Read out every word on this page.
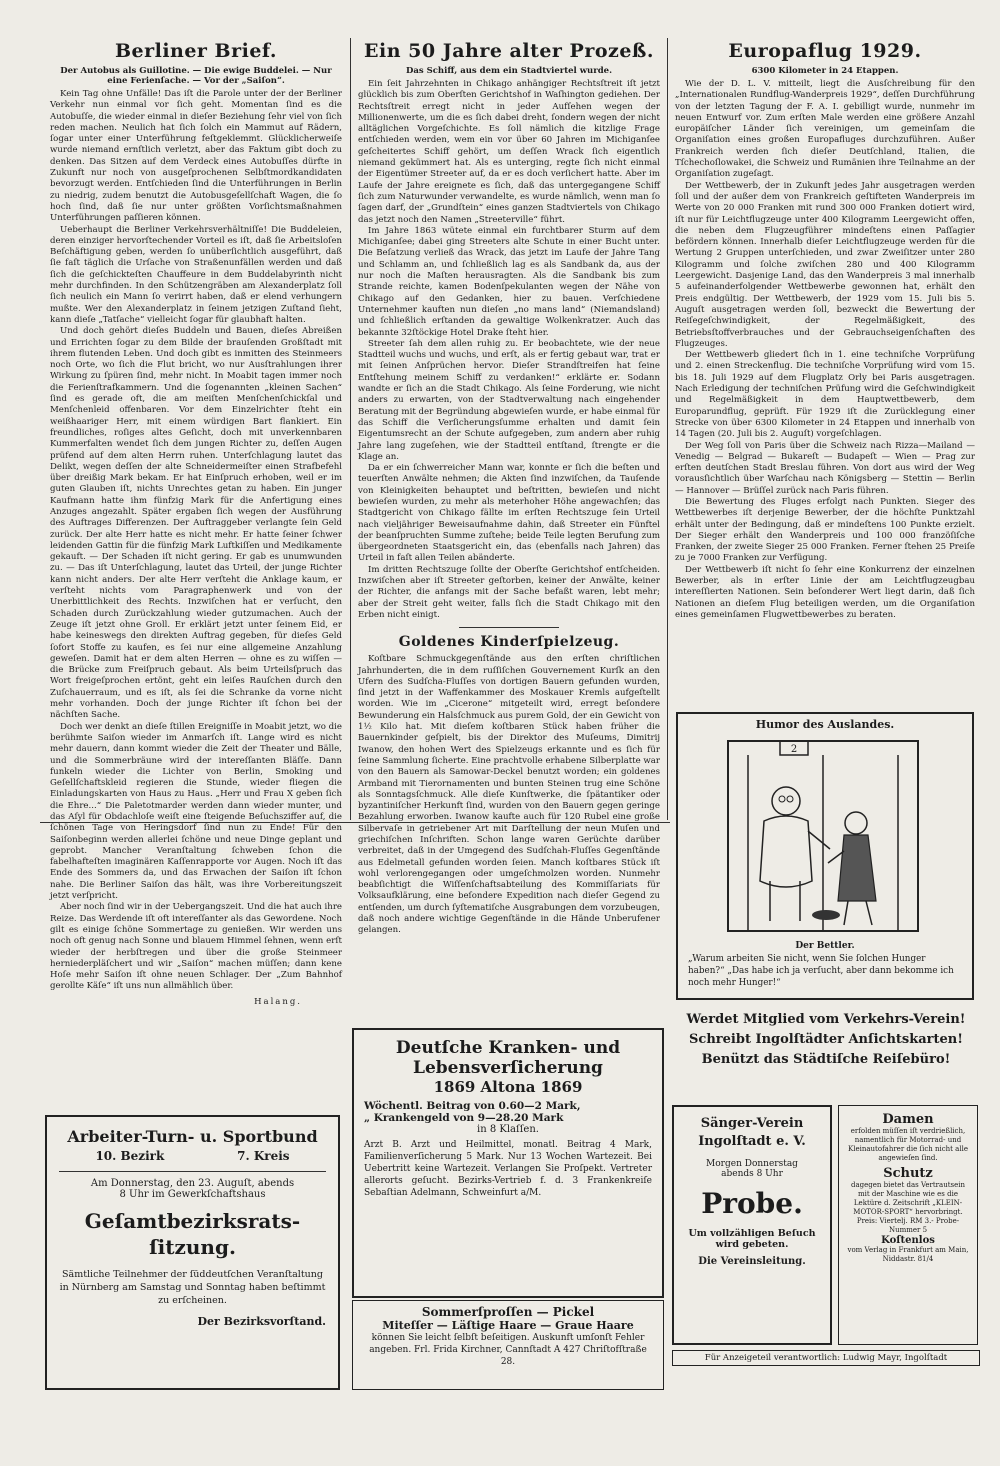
Berliner Brief.

Der Autobus als Guillotine. — Die ewige Buddelei. — Nur eine Ferienſache. — Vor der „Saiſon“.

Kein Tag ohne Unfälle! Das iſt die Parole unter der der Berliner Verkehr nun einmal vor ſich geht. Momentan ſind es die Autobuſſe, die wieder einmal in dieſer Beziehung ſehr viel von ſich reden machen. Neulich hat ſich ſolch ein Mammut auf Rädern, ſogar unter einer Unterführung feſtgeklemmt. Glücklicherweiſe wurde niemand ernſtlich verletzt, aber das Faktum gibt doch zu denken. Das Sitzen auf dem Verdeck eines Autobuſſes dürfte in Zukunft nur noch von ausgeſprochenen Selbſtmordkandidaten bevorzugt werden. Entſchieden ſind die Unterführungen in Berlin zu niedrig, zudem benutzt die Autobusgeſellſchaft Wagen, die ſo hoch ſind, daß ſie nur unter größten Vorſichtsmaßnahmen Unterführungen paſſieren können.

Ueberhaupt die Berliner Verkehrsverhältniſſe! Die Buddeleien, deren einziger hervorſtechender Vorteil es iſt, daß ſie Arbeitsloſen Beſchäftigung geben, werden ſo unüberſichtlich ausgeführt, daß ſie faſt täglich die Urſache von Straßenunfällen werden und daß ſich die geſchickteſten Chauffeure in dem Buddelabyrinth nicht mehr durchfinden. In den Schützengräben am Alexanderplatz ſoll ſich neulich ein Mann ſo verirrt haben, daß er elend verhungern mußte. Wer den Alexanderplatz in ſeinem jetzigen Zuſtand ſieht, kann dieſe „Tatſache“ vielleicht ſogar für glaubhaft halten.

Und doch gehört dieſes Buddeln und Bauen, dieſes Abreißen und Errichten ſogar zu dem Bilde der brauſenden Großſtadt mit ihrem flutenden Leben. Und doch gibt es inmitten des Steinmeers noch Orte, wo ſich die Flut bricht, wo nur Ausſtrahlungen ihrer Wirkung zu ſpüren ſind, mehr nicht. In Moabit tagen immer noch die Ferienſtrafkammern. Und die ſogenannten „kleinen Sachen“ ſind es gerade oft, die am meiſten Menſchenſchickſal und Menſchenleid offenbaren. Vor dem Einzelrichter ſteht ein weißhaariger Herr, mit einem würdigen Bart flankiert. Ein freundliches, roſiges altes Geſicht, doch mit unverkennbaren Kummerfalten wendet ſich dem jungen Richter zu, deſſen Augen prüfend auf dem alten Herrn ruhen. Unterſchlagung lautet das Delikt, wegen deſſen der alte Schneidermeiſter einen Strafbefehl über dreißig Mark bekam. Er hat Einſpruch erhoben, weil er im guten Glauben iſt, nichts Unrechtes getan zu haben. Ein junger Kaufmann hatte ihm fünfzig Mark für die Anfertigung eines Anzuges angezahlt. Später ergaben ſich wegen der Ausführung des Auftrages Differenzen. Der Auftraggeber verlangte ſein Geld zurück. Der alte Herr hatte es nicht mehr. Er hatte ſeiner ſchwer leidenden Gattin für die fünfzig Mark Luftkiſſen und Medikamente gekauft. — Der Schaden iſt nicht gering. Er gab es unumwunden zu. — Das iſt Unterſchlagung, lautet das Urteil, der junge Richter kann nicht anders. Der alte Herr verſteht die Anklage kaum, er verſteht nichts vom Paragraphenwerk und von der Unerbittlichkeit des Rechts. Inzwiſchen hat er verſucht, den Schaden durch Zurückzahlung wieder gutzumachen. Auch der Zeuge iſt jetzt ohne Groll. Er erklärt jetzt unter ſeinem Eid, er habe keineswegs den direkten Auftrag gegeben, für dieſes Geld ſofort Stoffe zu kaufen, es ſei nur eine allgemeine Anzahlung geweſen. Damit hat er dem alten Herren — ohne es zu wiſſen — die Brücke zum Freiſpruch gebaut. Als beim Urteilsſpruch das Wort freigeſprochen ertönt, geht ein leiſes Rauſchen durch den Zuſchauerraum, und es iſt, als ſei die Schranke da vorne nicht mehr vorhanden. Doch der junge Richter iſt ſchon bei der nächſten Sache.

Doch wer denkt an dieſe ſtillen Ereigniſſe in Moabit jetzt, wo die berühmte Saiſon wieder im Anmarſch iſt. Lange wird es nicht mehr dauern, dann kommt wieder die Zeit der Theater und Bälle, und die Sommerbräune wird der intereſſanten Bläſſe. Dann funkeln wieder die Lichter von Berlin, Smoking und Geſellſchaftskleid regieren die Stunde, wieder fliegen die Einladungskarten von Haus zu Haus. „Herr und Frau X geben ſich die Ehre...“ Die Paletotmarder werden dann wieder munter, und das Aſyl für Obdachloſe weiſt eine ſteigende Beſuchsziffer auf, die ſchönen Tage von Heringsdorf ſind nun zu Ende! Für den Saiſonbeginn werden allerlei ſchöne und neue Dinge geplant und geprobt. Mancher Veranſtaltung ſchweben ſchon die fabelhafteſten imaginären Kaſſenrapporte vor Augen. Noch iſt das Ende des Sommers da, und das Erwachen der Saiſon iſt ſchon nahe. Die Berliner Saiſon das hält, was ihre Vorbereitungszeit jetzt verſpricht.

Aber noch ſind wir in der Uebergangszeit. Und die hat auch ihre Reize. Das Werdende iſt oft intereſſanter als das Gewordene. Noch gilt es einige ſchöne Sommertage zu genießen. Wir werden uns noch oft genug nach Sonne und blauem Himmel ſehnen, wenn erſt wieder der herbſtregen und über die große Steinmeer herniederpläſchert und wir „Saiſon“ machen müſſen; dann kene Hoſe mehr Saiſon iſt ohne neuen Schlager. Der „Zum Bahnhof gerollte Käſe“ iſt uns nun allmählich über.

Halang.

Ein 50 Jahre alter Prozeß.

Das Schiff, aus dem ein Stadtviertel wurde.

Ein ſeit Jahrzehnten in Chikago anhängiger Rechtsſtreit iſt jetzt glücklich bis zum Oberſten Gerichtshof in Waſhington gediehen. Der Rechtsſtreit erregt nicht in jeder Aufſehen wegen der Millionenwerte, um die es ſich dabei dreht, ſondern wegen der nicht alltäglichen Vorgeſchichte. Es ſoll nämlich die kitzlige Frage entſchieden werden, wem ein vor über 60 Jahren im Michiganſee geſcheitertes Schiff gehört, um deſſen Wrack ſich eigentlich niemand gekümmert hat. Als es unterging, regte ſich nicht einmal der Eigentümer Streeter auf, da er es doch verſichert hatte. Aber im Laufe der Jahre ereignete es ſich, daß das untergegangene Schiff ſich zum Naturwunder verwandelte, es wurde nämlich, wenn man ſo ſagen darf, der „Grundſtein“ eines ganzen Stadtviertels von Chikago das jetzt noch den Namen „Streeterville“ führt.

Im Jahre 1863 wütete einmal ein furchtbarer Sturm auf dem Michiganſee; dabei ging Streeters alte Schute in einer Bucht unter. Die Beſatzung verließ das Wrack, das jetzt im Laufe der Jahre Tang und Schlamm an, und ſchließlich lag es als Sandbank da, aus der nur noch die Maſten herausragten. Als die Sandbank bis zum Strande reichte, kamen Bodenſpekulanten wegen der Nähe von Chikago auf den Gedanken, hier zu bauen. Verſchiedene Unternehmer kauften nun dieſen „no mans land“ (Niemandsland) und ſchließlich erſtanden da gewaltige Wolkenkratzer. Auch das bekannte 32ſtöckige Hotel Drake ſteht hier.

Streeter ſah dem allen ruhig zu. Er beobachtete, wie der neue Stadtteil wuchs und wuchs, und erſt, als er fertig gebaut war, trat er mit ſeinen Anſprüchen hervor. Dieſer Strandſtreifen hat ſeine Entſtehung meinem Schiff zu verdanken!“ erklärte er. Sodann wandte er ſich an die Stadt Chikago. Als ſeine Forderung, wie nicht anders zu erwarten, von der Stadtverwaltung nach eingehender Beratung mit der Begründung abgewieſen wurde, er habe einmal für das Schiff die Verſicherungsſumme erhalten und damit ſein Eigentumsrecht an der Schute aufgegeben, zum andern aber ruhig Jahre lang zugeſehen, wie der Stadtteil entſtand, ſtrengte er die Klage an.

Da er ein ſchwerreicher Mann war, konnte er ſich die beſten und teuerſten Anwälte nehmen; die Akten ſind inzwiſchen, da Tauſende von Kleinigkeiten behauptet und beſtritten, bewieſen und nicht bewieſen wurden, zu mehr als meterhoher Höhe angewachſen; das Stadtgericht von Chikago fällte im erſten Rechtszuge ſein Urteil nach vieljähriger Beweisaufnahme dahin, daß Streeter ein Fünftel der beanſpruchten Summe zuſtehe; beide Teile legten Berufung zum übergeordneten Staatsgericht ein, das (ebenfalls nach Jahren) das Urteil in faſt allen Teilen abänderte.

Im dritten Rechtszuge ſollte der Oberſte Gerichtshof entſcheiden. Inzwiſchen aber iſt Streeter geſtorben, keiner der Anwälte, keiner der Richter, die anfangs mit der Sache befaßt waren, lebt mehr; aber der Streit geht weiter, falls ſich die Stadt Chikago mit den Erben nicht einigt.

Goldenes Kinderſpielzeug.

Koſtbare Schmuckgegenſtände aus den erſten chriſtlichen Jahrhunderten, die in dem ruſſiſchen Gouvernement Kurſk an den Ufern des Sudſcha-Fluſſes von dortigen Bauern gefunden wurden, ſind jetzt in der Waffenkammer des Moskauer Kremls aufgeſtellt worden. Wie im „Cicerone“ mitgeteilt wird, erregt beſondere Bewunderung ein Halsſchmuck aus purem Gold, der ein Gewicht von 1½ Kilo hat. Mit dieſem koſtbaren Stück haben früher die Bauernkinder geſpielt, bis der Direktor des Muſeums, Dimitrij Iwanow, den hohen Wert des Spielzeugs erkannte und es ſich für ſeine Sammlung ſicherte. Eine prachtvolle erhabene Silberplatte war von den Bauern als Samowar-Deckel benutzt worden; ein goldenes Armband mit Tierornamenten und bunten Steinen trug eine Schöne als Sonntagsſchmuck. Alle dieſe Kunſtwerke, die ſpätantiker oder byzantiniſcher Herkunft ſind, wurden von den Bauern gegen geringe Bezahlung erworben. Iwanow kaufte auch für 120 Rubel eine große Silbervaſe in getriebener Art mit Darſtellung der neun Muſen und griechiſchen Inſchriften. Schon lange waren Gerüchte darüber verbreitet, daß in der Umgegend des Sudſchah-Fluſſes Gegenſtände aus Edelmetall gefunden worden ſeien. Manch koſtbares Stück iſt wohl verlorengegangen oder umgeſchmolzen worden. Nunmehr beabſichtigt die Wiſſenſchaftsabteilung des Kommiſſariats für Volksaufklärung, eine beſondere Expedition nach dieſer Gegend zu entſenden, um durch ſyſtematiſche Ausgrabungen dem vorzubeugen, daß noch andere wichtige Gegenſtände in die Hände Unberufener gelangen.

Europaflug 1929.

6300 Kilometer in 24 Etappen.

Wie der D. L. V. mitteilt, liegt die Ausſchreibung für den „Internationalen Rundflug-Wanderpreis 1929“, deſſen Durchführung von der letzten Tagung der F. A. I. gebilligt wurde, nunmehr im neuen Entwurf vor. Zum erſten Male werden eine größere Anzahl europäiſcher Länder ſich vereinigen, um gemeinſam die Organiſation eines großen Europafluges durchzuführen. Außer Frankreich werden ſich dieſer Deutſchland, Italien, die Tſchechoſlowakei, die Schweiz und Rumänien ihre Teilnahme an der Organiſation zugeſagt.

Der Wettbewerb, der in Zukunft jedes Jahr ausgetragen werden ſoll und der außer dem von Frankreich geſtifteten Wanderpreis im Werte von 20 000 Franken mit rund 300 000 Franken dotiert wird, iſt nur für Leichtflugzeuge unter 400 Kilogramm Leergewicht offen, die neben dem Flugzeugführer mindeſtens einen Paſſagier befördern können. Innerhalb dieſer Leichtflugzeuge werden für die Wertung 2 Gruppen unterſchieden, und zwar Zweiſitzer unter 280 Kilogramm und ſolche zwiſchen 280 und 400 Kilogramm Leergewicht. Dasjenige Land, das den Wanderpreis 3 mal innerhalb 5 aufeinanderfolgender Wettbewerbe gewonnen hat, erhält den Preis endgültig. Der Wettbewerb, der 1929 vom 15. Juli bis 5. Auguſt ausgetragen werden ſoll, bezweckt die Bewertung der Reiſegeſchwindigkeit, der Regelmäßigkeit, des Betriebsſtoffverbrauches und der Gebrauchseigenſchaften des Flugzeuges.

Der Wettbewerb gliedert ſich in 1. eine techniſche Vorprüfung und 2. einen Streckenflug. Die techniſche Vorprüfung wird vom 15. bis 18. Juli 1929 auf dem Flugplatz Orly bei Paris ausgetragen. Nach Erledigung der techniſchen Prüfung wird die Geſchwindigkeit und Regelmäßigkeit in dem Hauptwettbewerb, dem Europarundflug, geprüft. Für 1929 iſt die Zurücklegung einer Strecke von über 6300 Kilometer in 24 Etappen und innerhalb von 14 Tagen (20. Juli bis 2. Auguſt) vorgeſchlagen.

Der Weg ſoll von Paris über die Schweiz nach Rizza—Mailand — Venedig — Belgrad — Bukareſt — Budapeſt — Wien — Prag zur erſten deutſchen Stadt Breslau führen. Von dort aus wird der Weg vorausſichtlich über Warſchau nach Königsberg — Stettin — Berlin — Hannover — Brüſſel zurück nach Paris führen.

Die Bewertung des Fluges erfolgt nach Punkten. Sieger des Wettbewerbes iſt derjenige Bewerber, der die höchſte Punktzahl erhält unter der Bedingung, daß er mindeſtens 100 Punkte erzielt. Der Sieger erhält den Wanderpreis und 100 000 franzöſiſche Franken, der zweite Sieger 25 000 Franken. Ferner ſtehen 25 Preiſe zu je 7000 Franken zur Verfügung.

Der Wettbewerb iſt nicht ſo ſehr eine Konkurrenz der einzelnen Bewerber, als in erſter Linie der am Leichtflugzeugbau intereſſierten Nationen. Sein beſonderer Wert liegt darin, daß ſich Nationen an dieſem Flug beteiligen werden, um die Organiſation eines gemeinſamen Flugwettbewerbes zu beraten.

Humor des Auslandes.
2
Der Bettler.
„Warum arbeiten Sie nicht, wenn Sie ſolchen Hunger haben?“ „Das habe ich ja verſucht, aber dann bekomme ich noch mehr Hunger!“
Werdet Mitglied vom Verkehrs-Verein!
Schreibt Ingolſtädter Anſichtskarten!
Benützt das Städtiſche Reiſebüro!

Arbeiter-Turn- u. Sportbund

10. Bezirk	7. Kreis

Am Donnerstag, den 23. Auguſt, abends

8 Uhr im Gewerkſchaftshaus

Geſamtbezirksrats-ſitzung.

Sämtliche Teilnehmer der ſüddeutſchen Veranſtaltung in Nürnberg am Samstag und Sonntag haben beſtimmt zu erſcheinen.

Der Bezirksvorſtand.

Deutſche Kranken- und

Lebensverſicherung

1869 Altona 1869

Wöchentl. Beitrag von 0.60—2 Mark,

„ Krankengeld von 9—28.20 Mark

in 8 Klaſſen.

Arzt B. Arzt und Heilmittel, monatl. Beitrag 4 Mark, Familienverſicherung 5 Mark. Nur 13 Wochen Wartezeit. Bei Uebertritt keine Wartezeit. Verlangen Sie Proſpekt. Vertreter allerorts geſucht. Bezirks-Vertrieb f. d. 3 Frankenkreiſe Sebaſtian Adelmann, Schweinfurt a/M.

Sommerſproſſen — Pickel

Miteſſer — Läſtige Haare — Graue Haare

können Sie leicht ſelbſt beſeitigen. Auskunft umſonſt Fehler angeben. Frl. Frida Kirchner, Cannſtadt A 427 Chriſtofſtraße 28.

Sänger-Verein Ingolſtadt e. V.

Morgen Donnerstag

abends 8 Uhr

Probe.

Um vollzähligen Beſuch wird gebeten.

Die Vereinsleitung.

Damen

erfolden müſſen iſt verdrießlich, namentlich für Motorrad- und Kleinautofahrer die ſich nicht alle angewieſen ſind.

Schutz

dagegen bietet das Vertrautsein mit der Maschine wie es die Lektüre d. Zeitschrift „KLEIN-MOTOR-SPORT“ hervorbringt. Preis: Viertelj. RM 3.- Probe-Nummer 5

Koſtenlos

vom Verlag in Frankfurt am Main, Niddastr. 81/4

Für Anzeigeteil verantwortlich: Ludwig Mayr, Ingolſtadt
